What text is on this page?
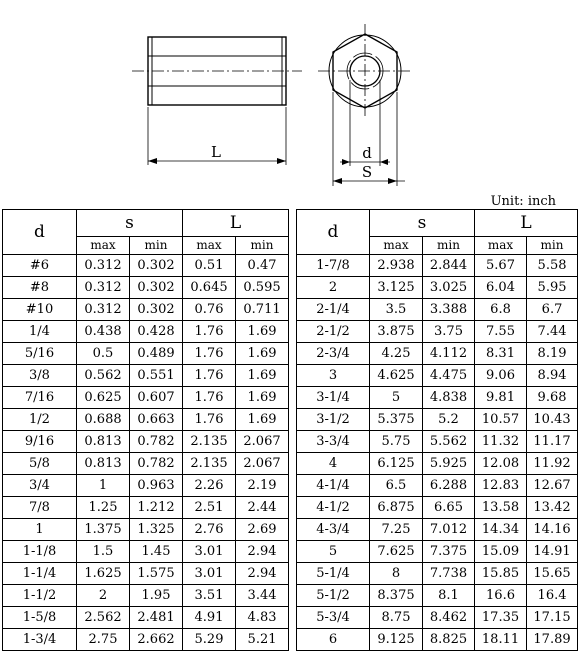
L	d
S
Unit: inch
d	s		L	
	max	min	max	min
#6	0.312	0.302	0.51	0.47
#8	0.312	0.302	0.645	0.595
#10	0.312	0.302	0.76	0.711
1/4	0.438	0.428	1.76	1.69
5/16	0.5	0.489	1.76	1.69
3/8	0.562	0.551	1.76	1.69
7/16	0.625	0.607	1.76	1.69
1/2	0.688	0.663	1.76	1.69
9/16	0.813	0.782	2.135	2.067
5/8	0.813	0.782	2.135	2.067
3/4	1	0.963	2.26	2.19
7/8	1.25	1.212	2.51	2.44
1	1.375	1.325	2.76	2.69
1-1/8	1.5	1.45	3.01	2.94
1-1/4	1.625	1.575	3.01	2.94
1-1/2	2	1.95	3.51	3.44
1-5/8	2.562	2.481	4.91	4.83
1-3/4	2.75	2.662	5.29	5.21
d	s		L	
	max	min	max	min
1-7/8	2.938	2.844	5.67	5.58
2	3.125	3.025	6.04	5.95
2-1/4	3.5	3.388	6.8	6.7
2-1/2	3.875	3.75	7.55	7.44
2-3/4	4.25	4.112	8.31	8.19
3	4.625	4.475	9.06	8.94
3-1/4	5	4.838	9.81	9.68
3-1/2	5.375	5.2	10.57	10.43
3-3/4	5.75	5.562	11.32	11.17
4	6.125	5.925	12.08	11.92
4-1/4	6.5	6.288	12.83	12.67
4-1/2	6.875	6.65	13.58	13.42
4-3/4	7.25	7.012	14.34	14.16
5	7.625	7.375	15.09	14.91
5-1/4	8	7.738	15.85	15.65
5-1/2	8.375	8.1	16.6	16.4
5-3/4	8.75	8.462	17.35	17.15
6	9.125	8.825	18.11	17.89
